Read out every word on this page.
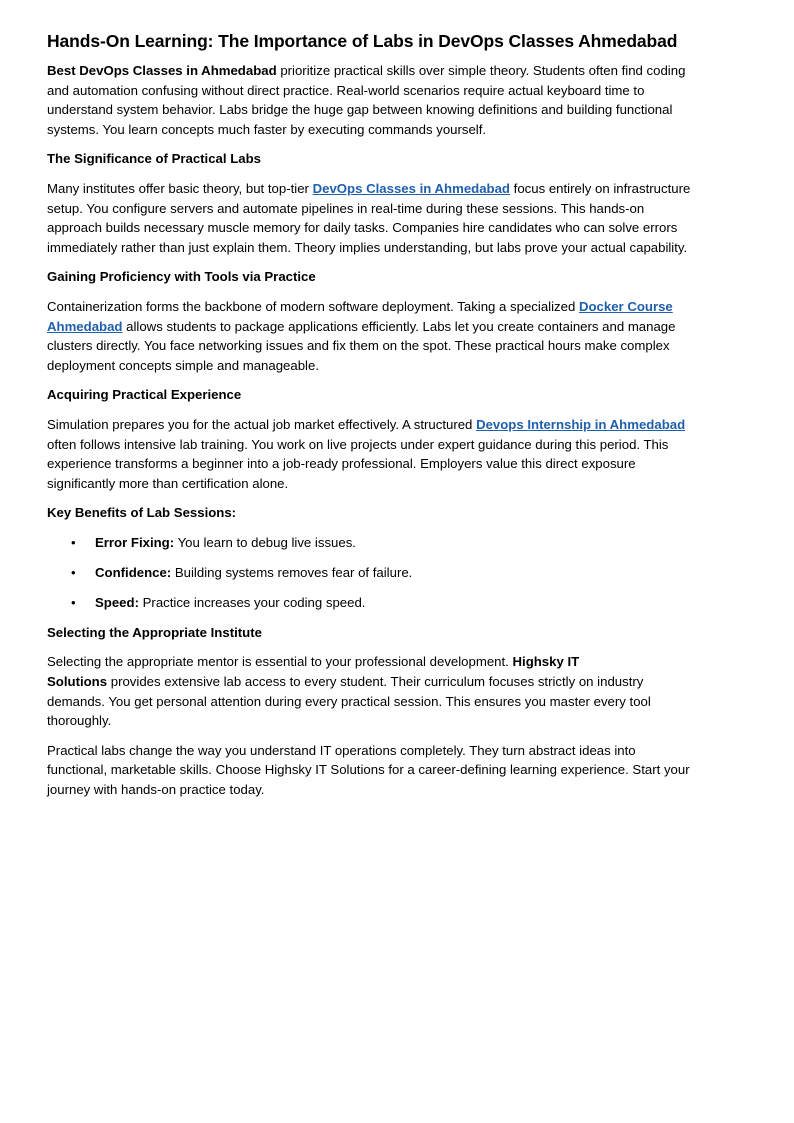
Hands-On Learning: The Importance of Labs in DevOps Classes Ahmedabad

Best DevOps Classes in Ahmedabad prioritize practical skills over simple theory. Students often find coding and automation confusing without direct practice. Real-world scenarios require actual keyboard time to understand system behavior. Labs bridge the huge gap between knowing definitions and building functional systems. You learn concepts much faster by executing commands yourself.

The Significance of Practical Labs

Many institutes offer basic theory, but top-tier DevOps Classes in Ahmedabad focus entirely on infrastructure setup. You configure servers and automate pipelines in real-time during these sessions. This hands-on approach builds necessary muscle memory for daily tasks. Companies hire candidates who can solve errors immediately rather than just explain them. Theory implies understanding, but labs prove your actual capability.

Gaining Proficiency with Tools via Practice

Containerization forms the backbone of modern software deployment. Taking a specialized Docker Course Ahmedabad allows students to package applications efficiently. Labs let you create containers and manage clusters directly. You face networking issues and fix them on the spot. These practical hours make complex deployment concepts simple and manageable.

Acquiring Practical Experience

Simulation prepares you for the actual job market effectively. A structured Devops Internship in Ahmedabad often follows intensive lab training. You work on live projects under expert guidance during this period. This experience transforms a beginner into a job-ready professional. Employers value this direct exposure significantly more than certification alone.

Key Benefits of Lab Sessions:
• Error Fixing: You learn to debug live issues.
• Confidence: Building systems removes fear of failure.
• Speed: Practice increases your coding speed.
Selecting the Appropriate Institute

Selecting the appropriate mentor is essential to your professional development. Highsky IT
Solutions provides extensive lab access to every student. Their curriculum focuses strictly on industry demands. You get personal attention during every practical session. This ensures you master every tool thoroughly.

Practical labs change the way you understand IT operations completely. They turn abstract ideas into functional, marketable skills. Choose Highsky IT Solutions for a career-defining learning experience. Start your journey with hands-on practice today.
